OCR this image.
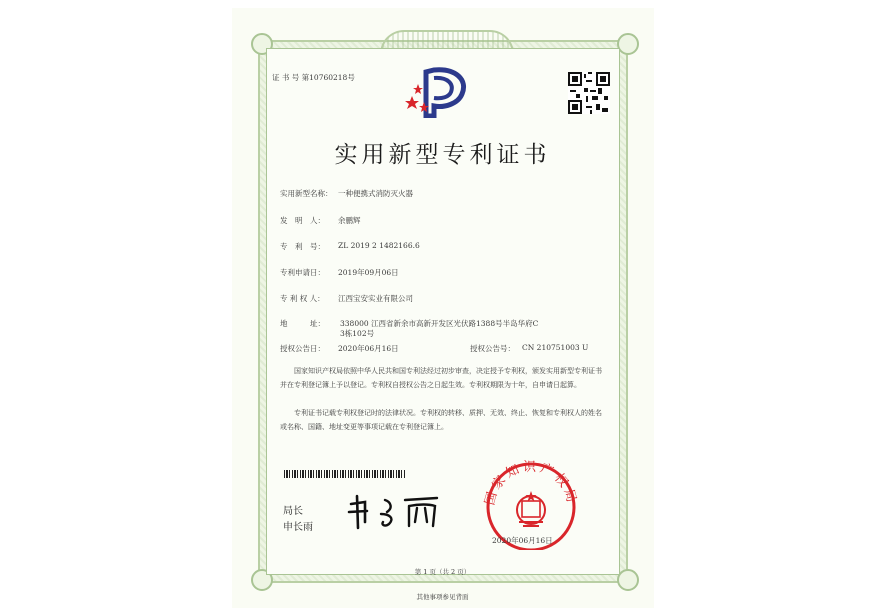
证 书 号 第10760218号
实用新型专利证书
实用新型名称： 一种便携式消防灭火器
发　明　人： 余鹏辉
专　利　号： ZL 2019 2 1482166.6
专利申请日： 2019年09月06日
专 利 权 人： 江西宝安实业有限公司
地　　　址： 338000 江西省新余市高新开发区光伏路1388号半岛华府C
3栋102号
授权公告日： 2020年06月16日	授权公告号： CN 210751003 U
国家知识产权局依照中华人民共和国专利法经过初步审查，决定授予专利权，颁发实用新型专利证书并在专利登记簿上予以登记。专利权自授权公告之日起生效。专利权期限为十年，自申请日起算。
专利证书记载专利权登记时的法律状况。专利权的转移、质押、无效、终止、恢复和专利权人的姓名或名称、国籍、地址变更等事项记载在专利登记簿上。
局长
申长雨
国家知识产权局
2020年06月16日
第 1 页（共 2 页）
其他事项参见背面
